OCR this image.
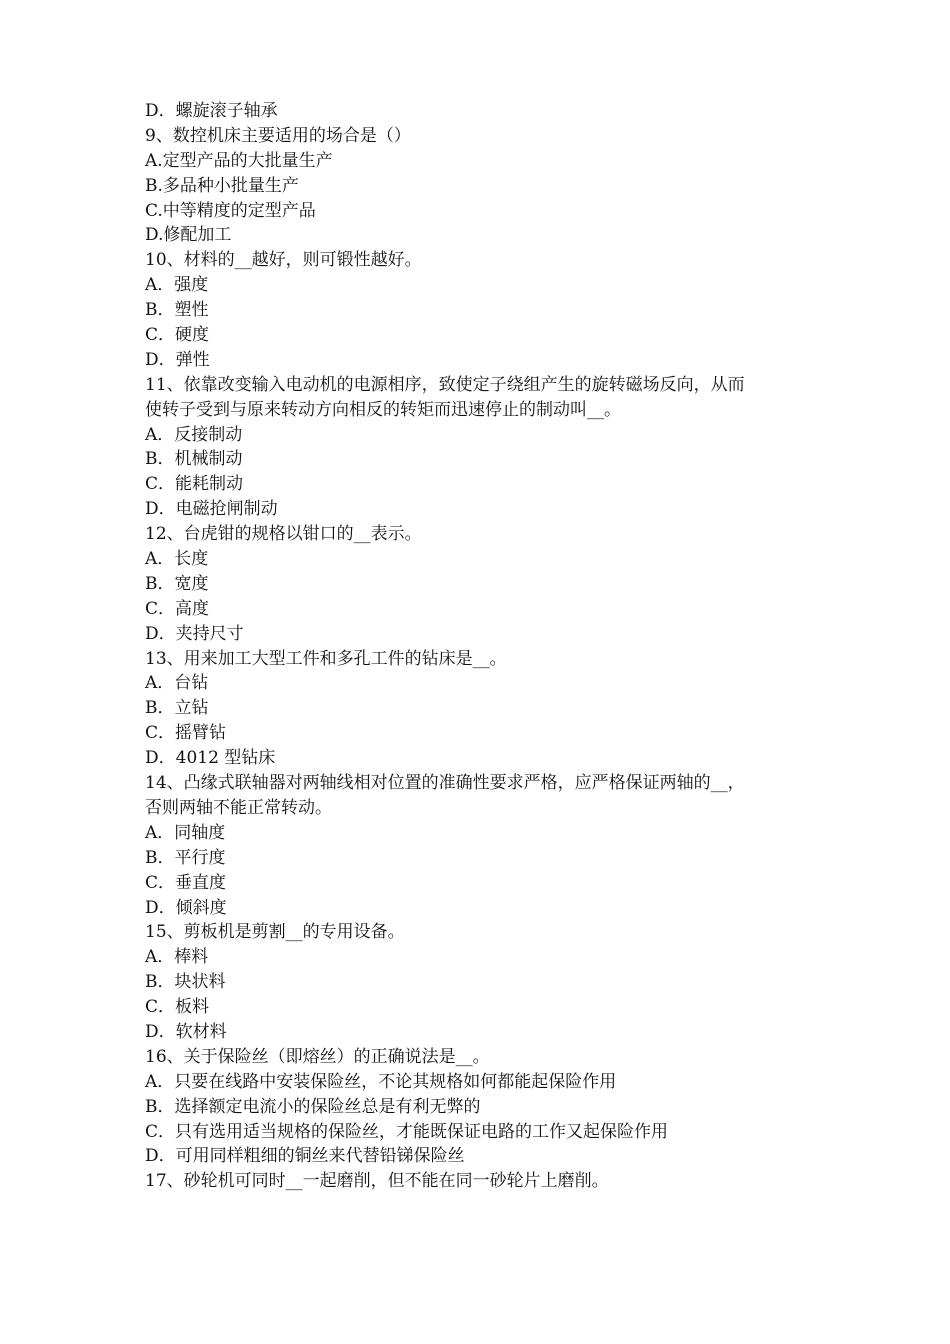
D．螺旋滚子轴承
9、数控机床主要适用的场合是（）
A.定型产品的大批量生产
B.多品种小批量生产
C.中等精度的定型产品
D.修配加工
10、材料的__越好，则可锻性越好。
A．强度
B．塑性
C．硬度
D．弹性
11、依靠改变输入电动机的电源相序，致使定子绕组产生的旋转磁场反向，从而
使转子受到与原来转动方向相反的转矩而迅速停止的制动叫__。
A．反接制动
B．机械制动
C．能耗制动
D．电磁抢闸制动
12、台虎钳的规格以钳口的__表示。
A．长度
B．宽度
C．高度
D．夹持尺寸
13、用来加工大型工件和多孔工件的钻床是__。
A．台钻
B．立钻
C．摇臂钻
D．4012 型钻床
14、凸缘式联轴器对两轴线相对位置的准确性要求严格，应严格保证两轴的__，
否则两轴不能正常转动。
A．同轴度
B．平行度
C．垂直度
D．倾斜度
15、剪板机是剪割__的专用设备。
A．棒料
B．块状料
C．板料
D．软材料
16、关于保险丝（即熔丝）的正确说法是__。
A．只要在线路中安装保险丝，不论其规格如何都能起保险作用
B．选择额定电流小的保险丝总是有利无弊的
C．只有选用适当规格的保险丝，才能既保证电路的工作又起保险作用
D．可用同样粗细的铜丝来代替铅锑保险丝
17、砂轮机可同时__一起磨削，但不能在同一砂轮片上磨削。
